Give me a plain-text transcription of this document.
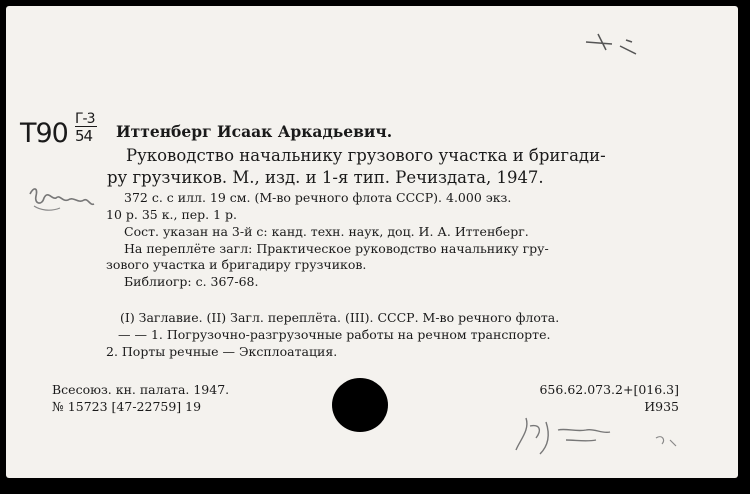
Т90 Г-3
54	Иттенберг Исаак Аркадьевич.
Руководство начальнику грузового участка и бригади-
ру грузчиков. М., изд. и 1-я тип. Речиздата, 1947.
372 с. с илл. 19 см. (М-во речного флота СССР). 4.000 экз.
10 р. 35 к., пер. 1 р.
Сост. указан на 3-й с: канд. техн. наук, доц. И. А. Иттенберг.
На переплёте загл: Практическое руководство начальнику гру-
зового участка и бригадиру грузчиков.
Библиогр: с. 367-68.
(I) Заглавие. (II) Загл. переплёта. (III). СССР. М-во речного флота.
— — 1. Погрузочно-разгрузочные работы на речном транспорте.
2. Порты речные — Эксплоатация.
Всесоюз. кн. палата. 1947.
№ 15723 [47-22759] 19
656.62.073.2+[016.3]
И935
